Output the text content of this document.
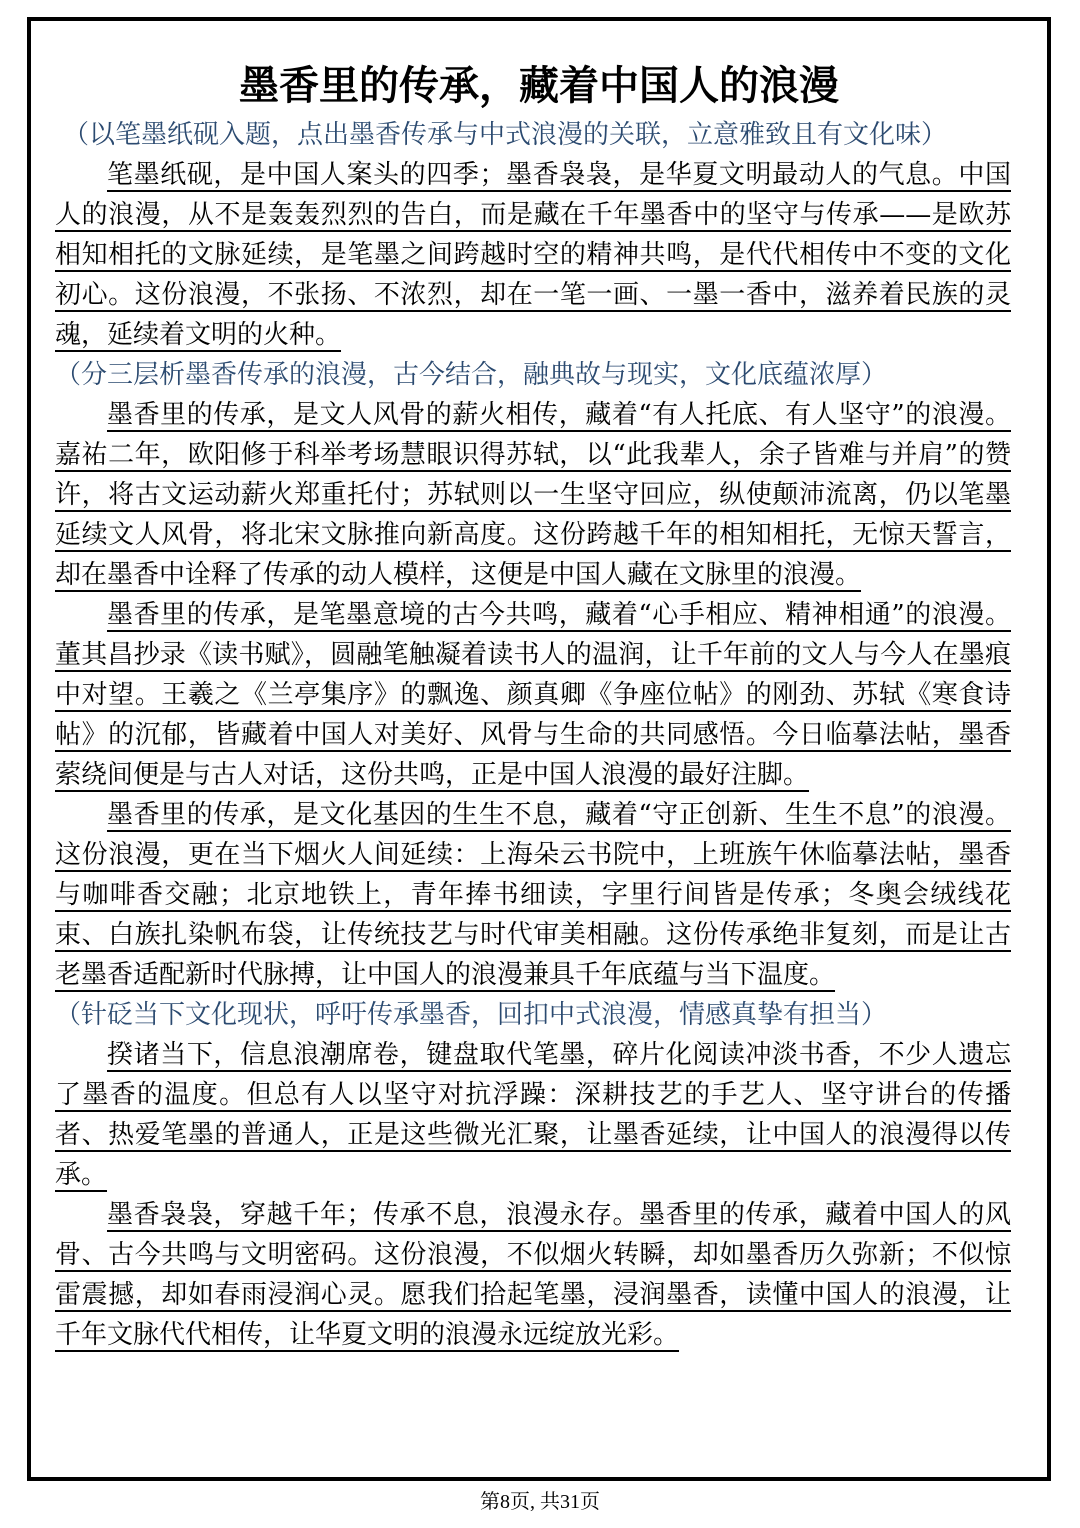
墨香里的传承，藏着中国人的浪漫

（以笔墨纸砚入题，点出墨香传承与中式浪漫的关联，立意雅致且有文化味）

笔墨纸砚，是中国人案头的四季；墨香袅袅，是华夏文明最动人的气息。中国人的浪漫，从不是轰轰烈烈的告白，而是藏在千年墨香中的坚守与传承——是欧苏相知相托的文脉延续，是笔墨之间跨越时空的精神共鸣，是代代相传中不变的文化初心。这份浪漫，不张扬、不浓烈，却在一笔一画、一墨一香中，滋养着民族的灵魂，延续着文明的火种。

（分三层析墨香传承的浪漫，古今结合，融典故与现实，文化底蕴浓厚）

墨香里的传承，是文人风骨的薪火相传，藏着“有人托底、有人坚守”的浪漫。嘉祐二年，欧阳修于科举考场慧眼识得苏轼，以“此我辈人，余子皆难与并肩”的赞许，将古文运动薪火郑重托付；苏轼则以一生坚守回应，纵使颠沛流离，仍以笔墨延续文人风骨，将北宋文脉推向新高度。这份跨越千年的相知相托，无惊天誓言，却在墨香中诠释了传承的动人模样，这便是中国人藏在文脉里的浪漫。

墨香里的传承，是笔墨意境的古今共鸣，藏着“心手相应、精神相通”的浪漫。董其昌抄录《读书赋》，圆融笔触凝着读书人的温润，让千年前的文人与今人在墨痕中对望。王羲之《兰亭集序》的飘逸、颜真卿《争座位帖》的刚劲、苏轼《寒食诗帖》的沉郁，皆藏着中国人对美好、风骨与生命的共同感悟。今日临摹法帖，墨香萦绕间便是与古人对话，这份共鸣，正是中国人浪漫的最好注脚。

墨香里的传承，是文化基因的生生不息，藏着“守正创新、生生不息”的浪漫。这份浪漫，更在当下烟火人间延续：上海朵云书院中，上班族午休临摹法帖，墨香与咖啡香交融；北京地铁上，青年捧书细读，字里行间皆是传承；冬奥会绒线花束、白族扎染帆布袋，让传统技艺与时代审美相融。这份传承绝非复刻，而是让古老墨香适配新时代脉搏，让中国人的浪漫兼具千年底蕴与当下温度。

（针砭当下文化现状，呼吁传承墨香，回扣中式浪漫，情感真挚有担当）

揆诸当下，信息浪潮席卷，键盘取代笔墨，碎片化阅读冲淡书香，不少人遗忘了墨香的温度。但总有人以坚守对抗浮躁：深耕技艺的手艺人、坚守讲台的传播者、热爱笔墨的普通人，正是这些微光汇聚，让墨香延续，让中国人的浪漫得以传承。

墨香袅袅，穿越千年；传承不息，浪漫永存。墨香里的传承，藏着中国人的风骨、古今共鸣与文明密码。这份浪漫，不似烟火转瞬，却如墨香历久弥新；不似惊雷震撼，却如春雨浸润心灵。愿我们拾起笔墨，浸润墨香，读懂中国人的浪漫，让千年文脉代代相传，让华夏文明的浪漫永远绽放光彩。

第8页, 共31页
